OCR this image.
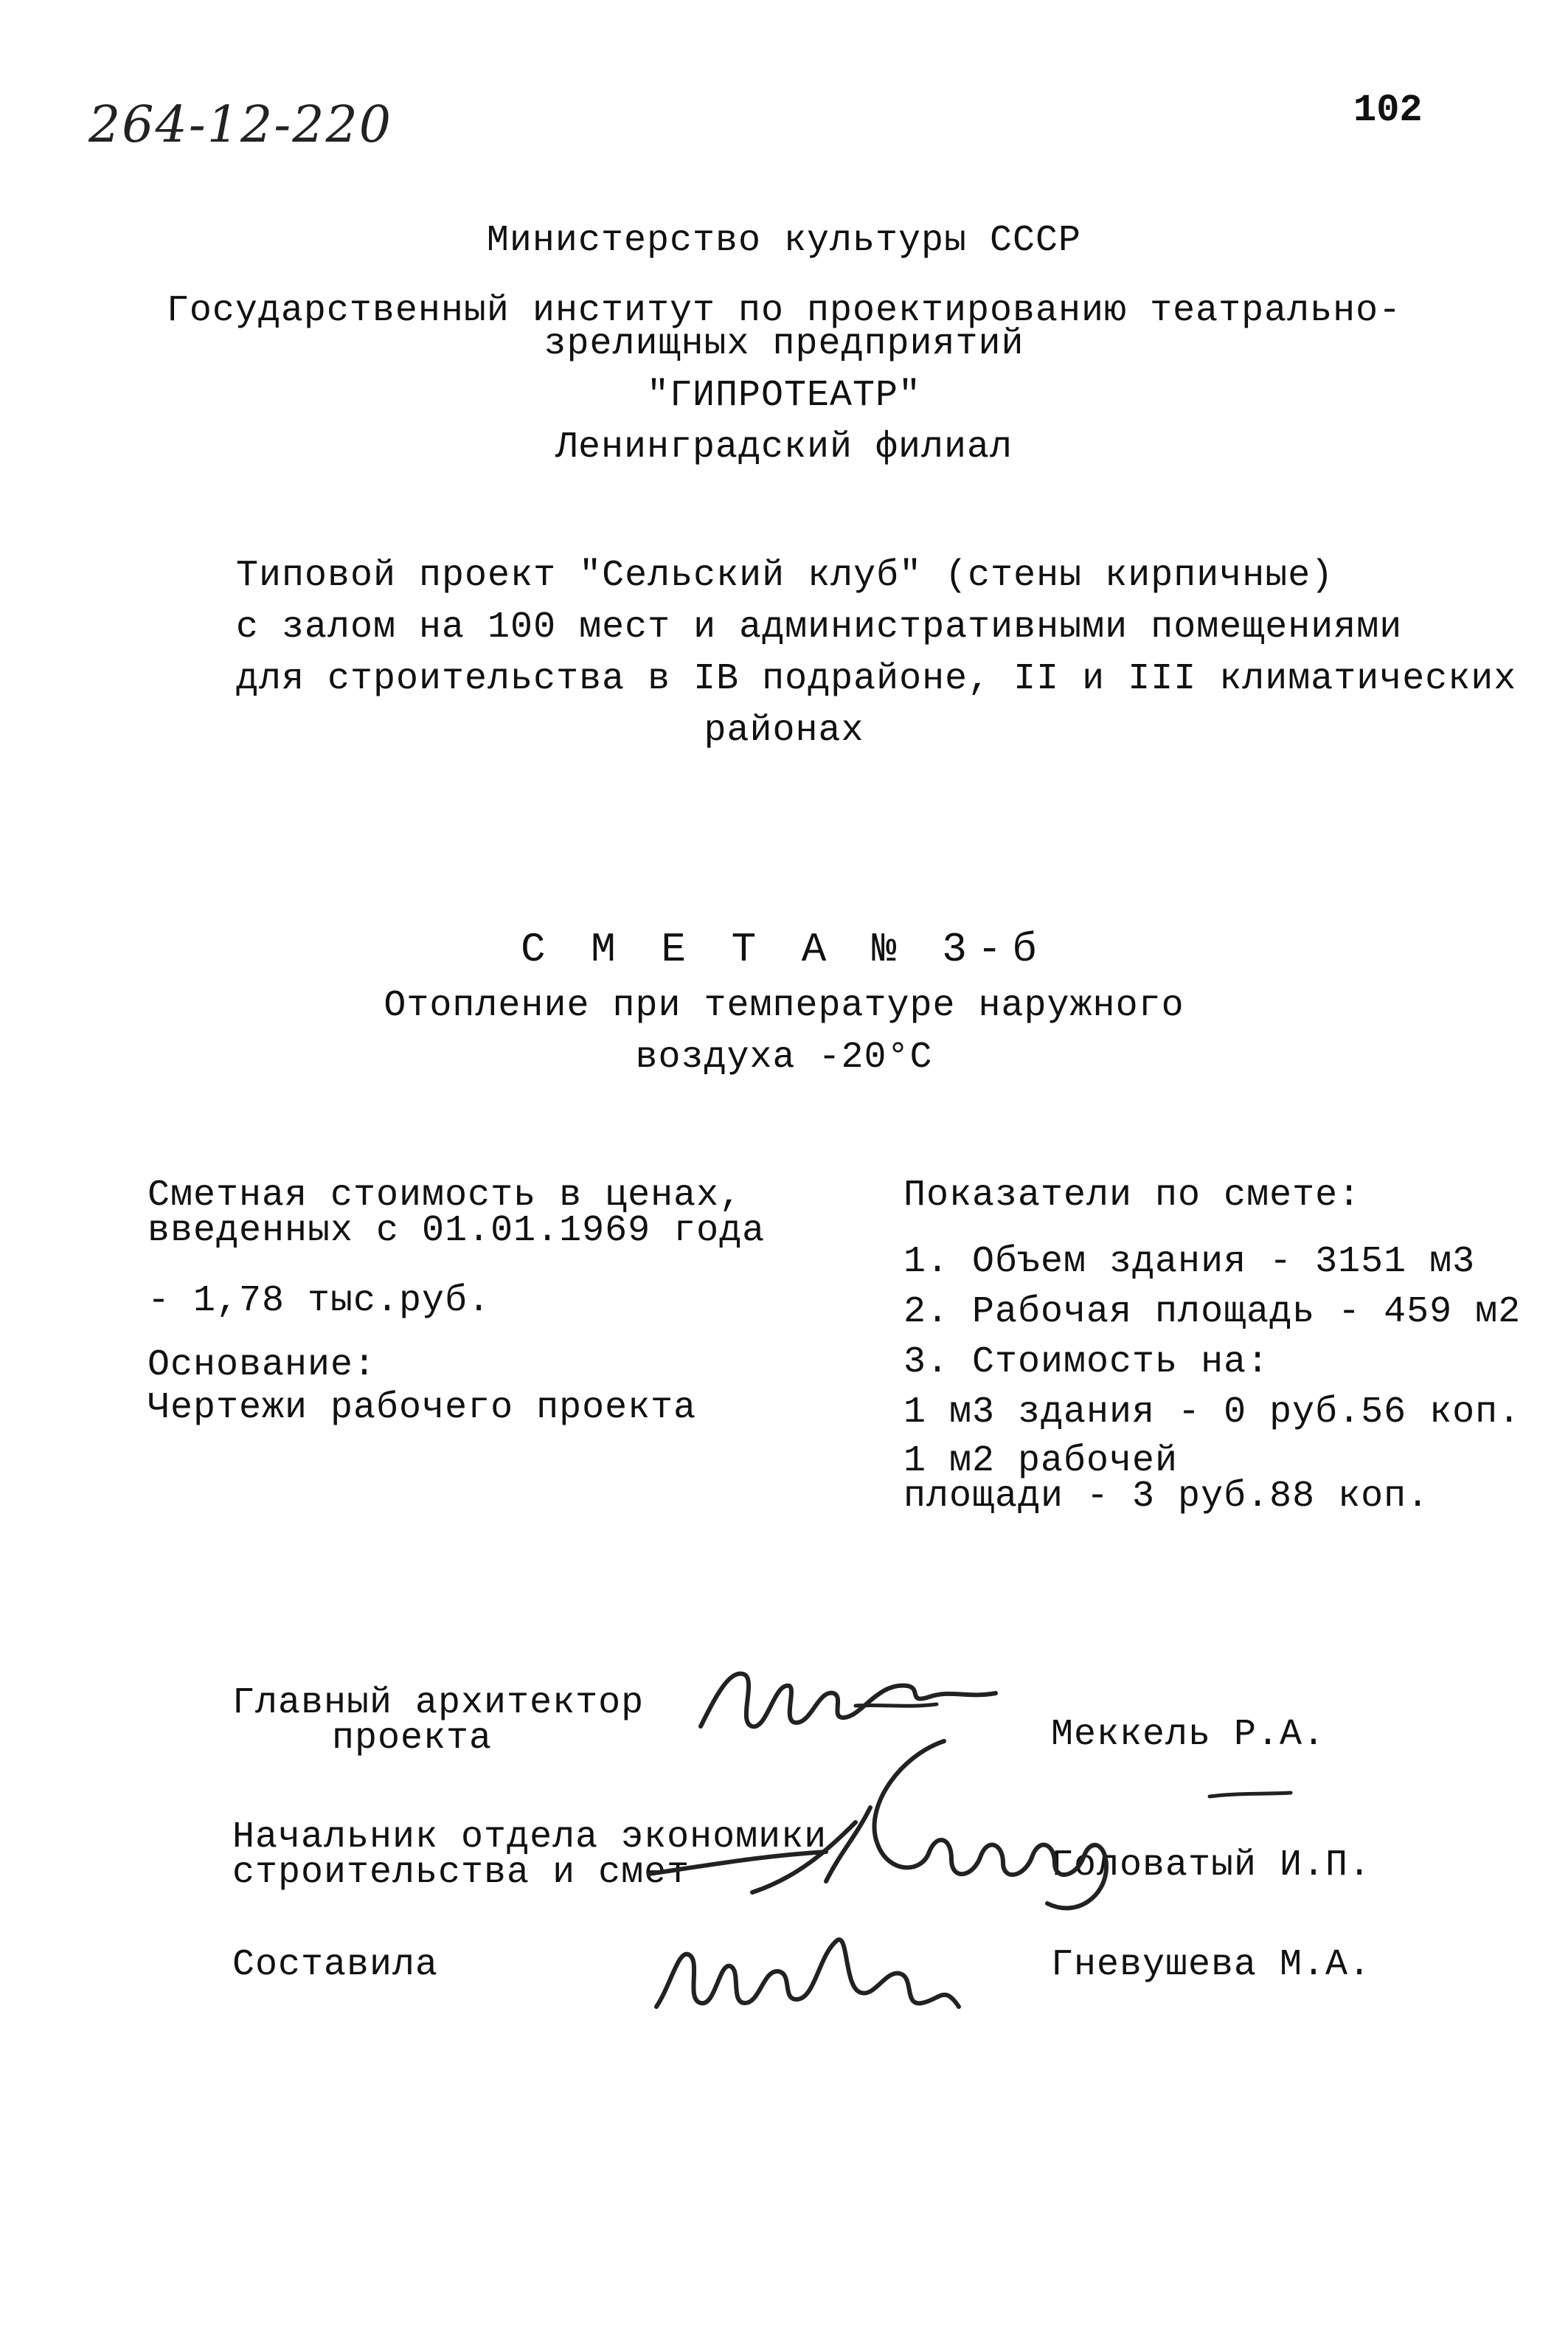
264-12-220	102
Министерство культуры СССР
Государственный институт по проектированию театрально-
зрелищных предприятий
"ГИПРОТЕАТР"
Ленинградский филиал
Типовой проект "Сельский клуб" (стены кирпичные)
с залом на 100 мест и административными помещениями
для строительства в IB подрайоне, II и III климатических
районах
С М Е Т А № 3-б
Отопление при температуре наружного
воздуха -20°С
Сметная стоимость в ценах,
введенных с 01.01.1969 года
- 1,78 тыс.руб.
Основание:
Чертежи рабочего проекта
Показатели по смете:
1. Объем здания - 3151 м3
2. Рабочая площадь - 459 м2
3. Стоимость на:
1 м3 здания - 0 руб.56 коп.
1 м2 рабочей
площади - 3 руб.88 коп.
Главный архитектор
проекта	Меккель Р.А.
Начальник отдела экономики
строительства и смет	Головатый И.П.
Составила	Гневушева М.А.
